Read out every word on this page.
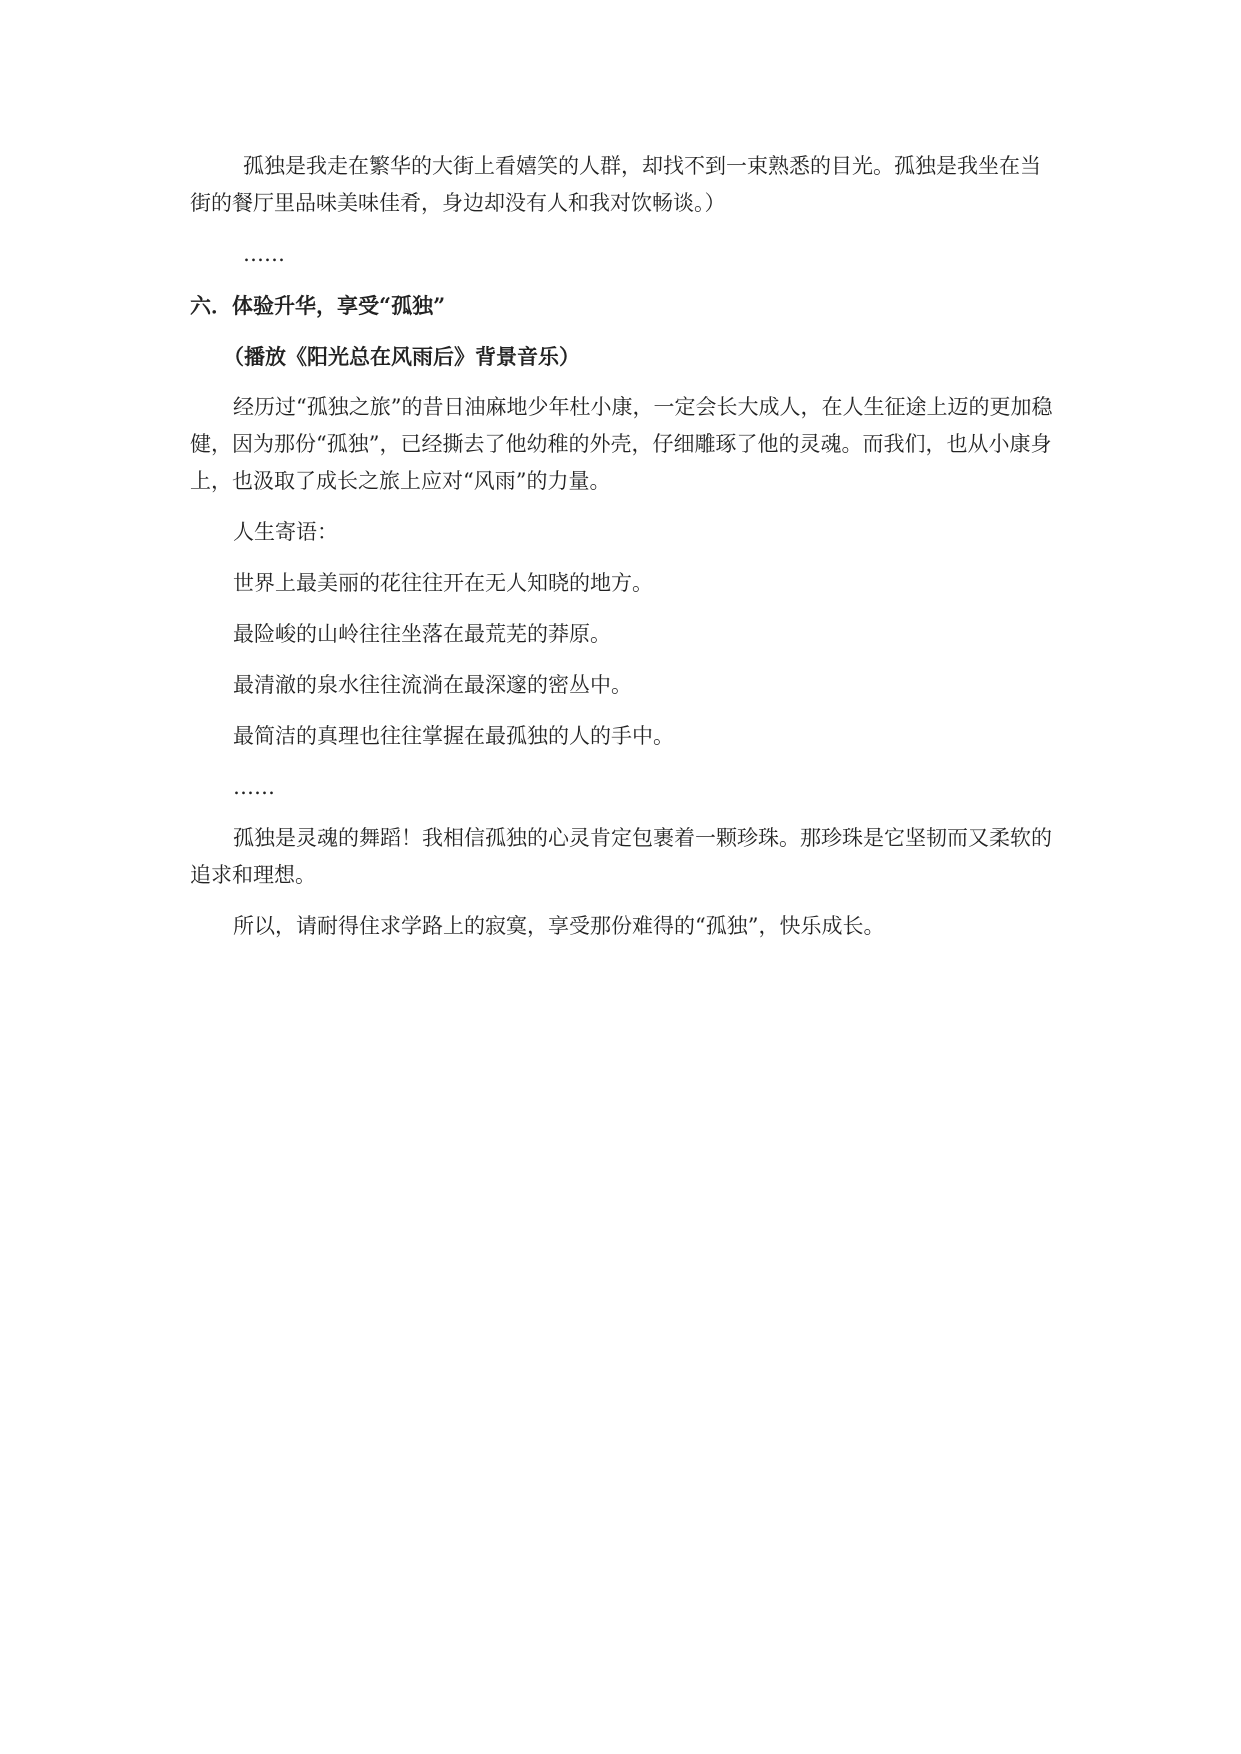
孤独是我走在繁华的大街上看嬉笑的人群，却找不到一束熟悉的目光。孤独是我坐在当街的餐厅里品味美味佳肴，身边却没有人和我对饮畅谈。）

……

六．体验升华，享受“孤独”

（播放《阳光总在风雨后》背景音乐）

经历过“孤独之旅”的昔日油麻地少年杜小康，一定会长大成人，在人生征途上迈的更加稳健，因为那份“孤独”，已经撕去了他幼稚的外壳，仔细雕琢了他的灵魂。而我们，也从小康身上，也汲取了成长之旅上应对“风雨”的力量。

人生寄语：

世界上最美丽的花往往开在无人知晓的地方。

最险峻的山岭往往坐落在最荒芜的莽原。

最清澈的泉水往往流淌在最深邃的密丛中。

最简洁的真理也往往掌握在最孤独的人的手中。

……

孤独是灵魂的舞蹈！我相信孤独的心灵肯定包裹着一颗珍珠。那珍珠是它坚韧而又柔软的追求和理想。

所以，请耐得住求学路上的寂寞，享受那份难得的“孤独”，快乐成长。
